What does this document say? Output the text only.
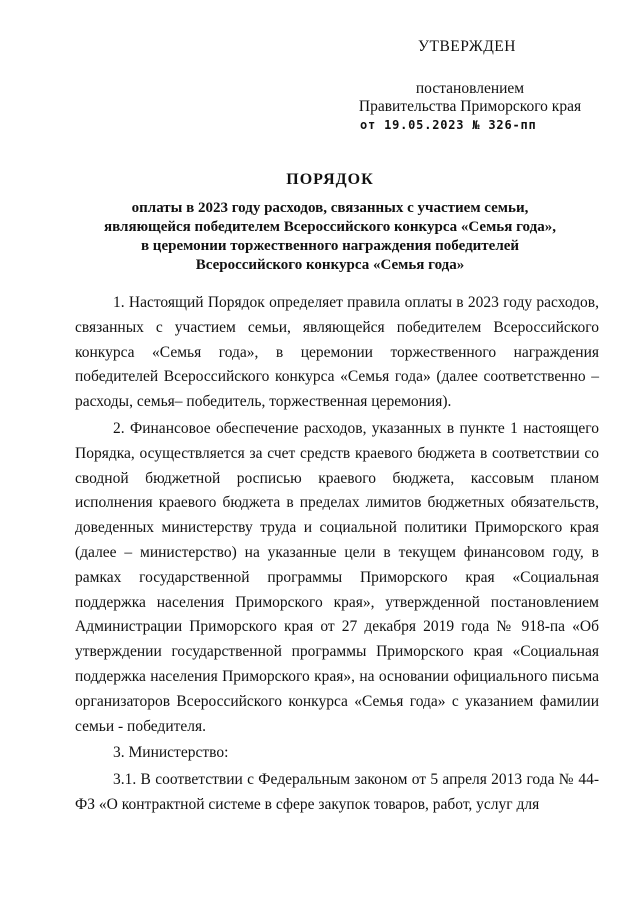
УТВЕРЖДЕН
постановлением
Правительства Приморского края
от 19.05.2023 № 326-пп
ПОРЯДОК
оплаты в 2023 году расходов, связанных с участием семьи,
являющейся победителем Всероссийского конкурса «Семья года»,
в церемонии торжественного награждения победителей
Всероссийского конкурса «Семья года»

1. Настоящий Порядок определяет правила оплаты в 2023 году расходов, связанных с участием семьи, являющейся победителем Всероссийского конкурса «Семья года», в церемонии торжественного награждения победителей Всероссийского конкурса «Семья года» (далее соответственно – расходы, семья– победитель, торжественная церемония).

2. Финансовое обеспечение расходов, указанных в пункте 1 настоящего Порядка, осуществляется за счет средств краевого бюджета в соответствии со сводной бюджетной росписью краевого бюджета, кассовым планом исполнения краевого бюджета в пределах лимитов бюджетных обязательств, доведенных министерству труда и социальной политики Приморского края (далее – министерство) на указанные цели в текущем финансовом году, в рамках государственной программы Приморского края «Социальная поддержка населения Приморского края», утвержденной постановлением Администрации Приморского края от 27 декабря 2019 года № 918-па «Об утверждении государственной программы Приморского края «Социальная поддержка населения Приморского края», на основании официального письма организаторов Всероссийского конкурса «Семья года» с указанием фамилии семьи - победителя.

3. Министерство:

3.1. В соответствии с Федеральным законом от 5 апреля 2013 года № 44-ФЗ «О контрактной системе в сфере закупок товаров, работ, услуг для
